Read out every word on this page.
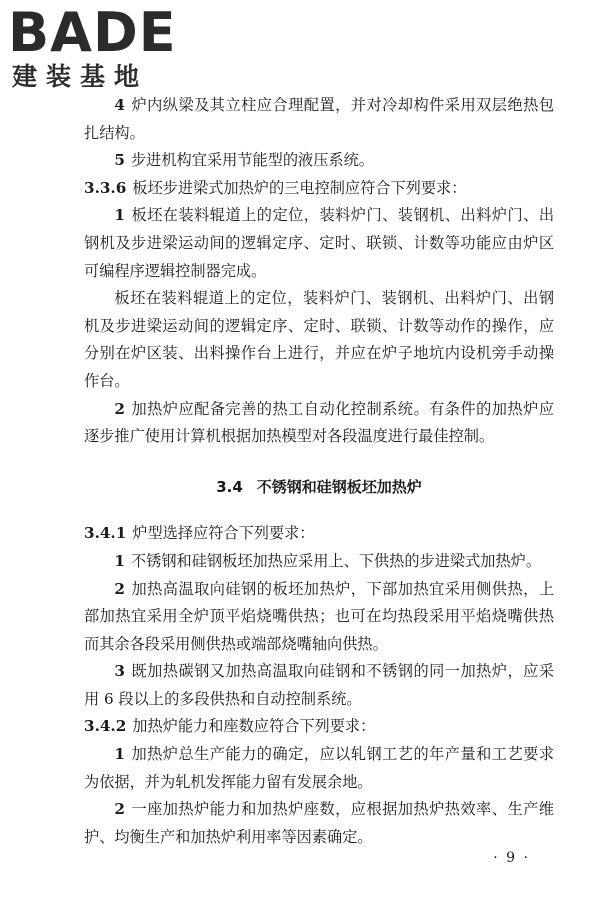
BADE
建装基地

4 炉内纵梁及其立柱应合理配置，并对冷却构件采用双层绝热包扎结构。

5 步进机构宜采用节能型的液压系统。

3.3.6 板坯步进梁式加热炉的三电控制应符合下列要求：

1 板坯在装料辊道上的定位，装料炉门、装钢机、出料炉门、出钢机及步进梁运动间的逻辑定序、定时、联锁、计数等功能应由炉区可编程序逻辑控制器完成。

板坯在装料辊道上的定位，装料炉门、装钢机、出料炉门、出钢机及步进梁运动间的逻辑定序、定时、联锁、计数等动作的操作，应分别在炉区装、出料操作台上进行，并应在炉子地坑内设机旁手动操作台。

2 加热炉应配备完善的热工自动化控制系统。有条件的加热炉应逐步推广使用计算机根据加热模型对各段温度进行最佳控制。

3.4 不锈钢和硅钢板坯加热炉

3.4.1 炉型选择应符合下列要求：

1 不锈钢和硅钢板坯加热应采用上、下供热的步进梁式加热炉。

2 加热高温取向硅钢的板坯加热炉，下部加热宜采用侧供热，上部加热宜采用全炉顶平焰烧嘴供热；也可在均热段采用平焰烧嘴供热而其余各段采用侧供热或端部烧嘴轴向供热。

3 既加热碳钢又加热高温取向硅钢和不锈钢的同一加热炉，应采用 6 段以上的多段供热和自动控制系统。

3.4.2 加热炉能力和座数应符合下列要求：

1 加热炉总生产能力的确定，应以轧钢工艺的年产量和工艺要求为依据，并为轧机发挥能力留有发展余地。

2 一座加热炉能力和加热炉座数，应根据加热炉热效率、生产维护、均衡生产和加热炉利用率等因素确定。

· 9 ·
